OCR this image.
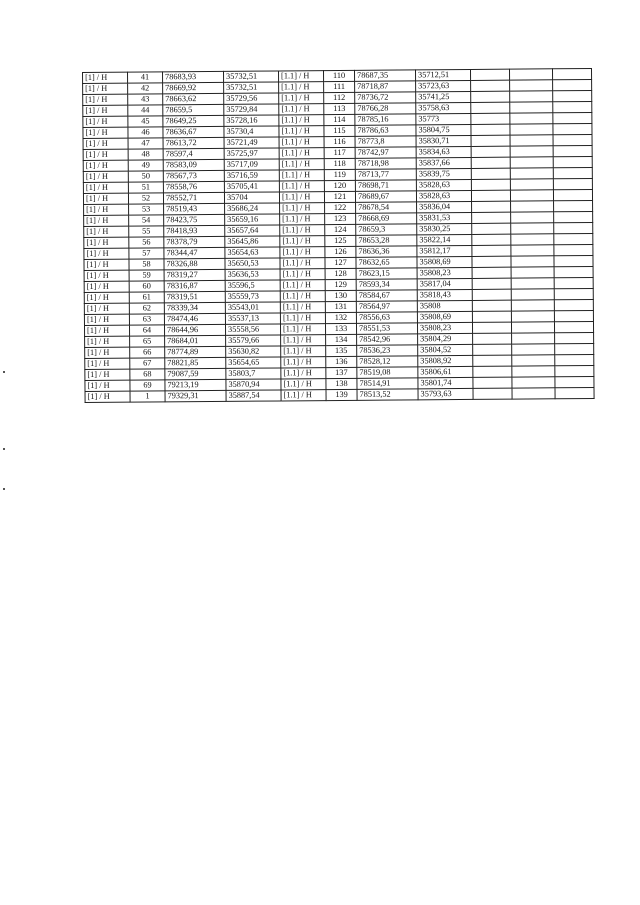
[1] / Н	41	78683,93	35732,51	[1.1] / Н	110	78687,35	35712,51			
[1] / Н	42	78669,92	35732,51	[1.1] / Н	111	78718,87	35723,63			
[1] / Н	43	78663,62	35729,56	[1.1] / Н	112	78736,72	35741,25			
[1] / Н	44	78659,5	35729,84	[1.1] / Н	113	78766,28	35758,63			
[1] / Н	45	78649,25	35728,16	[1.1] / Н	114	78785,16	35773			
[1] / Н	46	78636,67	35730,4	[1.1] / Н	115	78786,63	35804,75			
[1] / Н	47	78613,72	35721,49	[1.1] / Н	116	78773,8	35830,71			
[1] / Н	48	78597,4	35725,97	[1.1] / Н	117	78742,97	35834,63			
[1] / Н	49	78583,09	35717,09	[1.1] / Н	118	78718,98	35837,66			
[1] / Н	50	78567,73	35716,59	[1.1] / Н	119	78713,77	35839,75			
[1] / Н	51	78558,76	35705,41	[1.1] / Н	120	78698,71	35828,63			
[1] / Н	52	78552,71	35704	[1.1] / Н	121	78689,67	35828,63			
[1] / Н	53	78519,43	35686,24	[1.1] / Н	122	78678,54	35836,04			
[1] / Н	54	78423,75	35659,16	[1.1] / Н	123	78668,69	35831,53			
[1] / Н	55	78418,93	35657,64	[1.1] / Н	124	78659,3	35830,25			
[1] / Н	56	78378,79	35645,86	[1.1] / Н	125	78653,28	35822,14			
[1] / Н	57	78344,47	35654,63	[1.1] / Н	126	78636,36	35812,17			
[1] / Н	58	78326,88	35650,53	[1.1] / Н	127	78632,65	35808,69			
[1] / Н	59	78319,27	35636,53	[1.1] / Н	128	78623,15	35808,23			
[1] / Н	60	78316,87	35596,5	[1.1] / Н	129	78593,34	35817,04			
[1] / Н	61	78319,51	35559,73	[1.1] / Н	130	78584,67	35818,43			
[1] / Н	62	78339,34	35543,01	[1.1] / Н	131	78564,97	35808			
[1] / Н	63	78474,46	35537,13	[1.1] / Н	132	78556,63	35808,69			
[1] / Н	64	78644,96	35558,56	[1.1] / Н	133	78551,53	35808,23			
[1] / Н	65	78684,01	35579,66	[1.1] / Н	134	78542,96	35804,29			
[1] / Н	66	78774,89	35630,82	[1.1] / Н	135	78536,23	35804,52			
[1] / Н	67	78821,85	35654,65	[1.1] / Н	136	78528,12	35808,92			
[1] / Н	68	79087,59	35803,7	[1.1] / Н	137	78519,08	35806,61			
[1] / Н	69	79213,19	35870,94	[1.1] / Н	138	78514,91	35801,74			
[1] / Н	1	79329,31	35887,54	[1.1] / Н	139	78513,52	35793,63			
